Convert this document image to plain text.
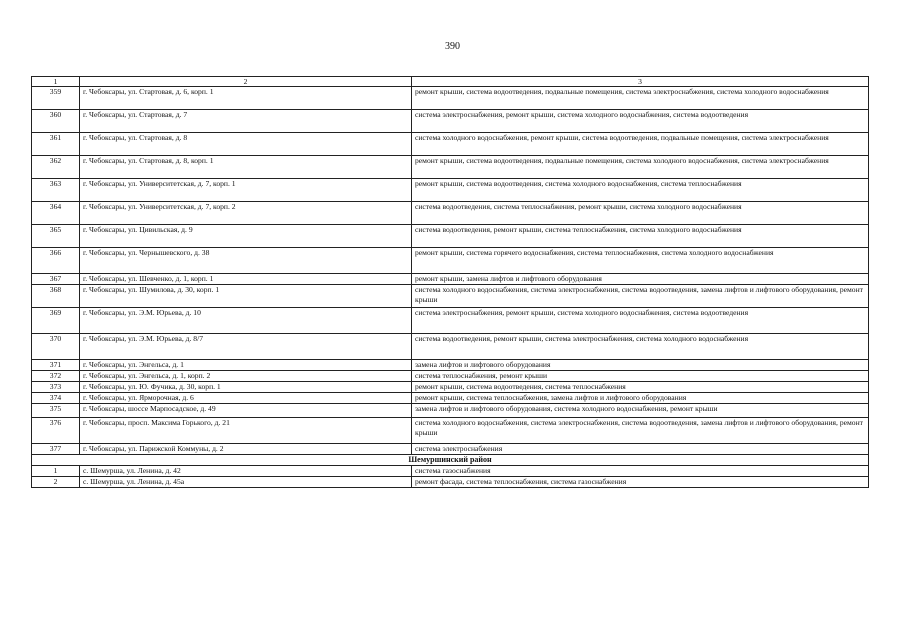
390
1	2	3
359	г. Чебоксары, ул. Стартовая, д. 6, корп. 1	ремонт крыши, система водоотведения, подвальные помещения, система электроснабжения, система холодного водоснабжения
360	г. Чебоксары, ул. Стартовая, д. 7	система электроснабжения, ремонт крыши, система холодного водоснабжения, система водоотведения
361	г. Чебоксары, ул. Стартовая, д. 8	система холодного водоснабжения, ремонт крыши, система водоотведения, подвальные помещения, система электроснабжения
362	г. Чебоксары, ул. Стартовая, д. 8, корп. 1	ремонт крыши, система водоотведения, подвальные помещения, система холодного водоснабжения, система электроснабжения
363	г. Чебоксары, ул. Университетская, д. 7, корп. 1	ремонт крыши, система водоотведения, система холодного водоснабжения, система теплоснабжения
364	г. Чебоксары, ул. Университетская, д. 7, корп. 2	система водоотведения, система теплоснабжения, ремонт крыши, система холодного водоснабжения
365	г. Чебоксары, ул. Цивильская, д. 9	система водоотведения, ремонт крыши, система теплоснабжения, система холодного водоснабжения
366	г. Чебоксары, ул. Чернышевского, д. 38	ремонт крыши, система горячего водоснабжения, система теплоснабжения, система холодного водоснабжения
367	г. Чебоксары, ул. Шевченко, д. 1, корп. 1	ремонт крыши, замена лифтов и лифтового оборудования
368	г. Чебоксары, ул. Шумилова, д. 30, корп. 1	система холодного водоснабжения, система электроснабжения, система водоотведения, замена лифтов и лифтового оборудования, ремонт крыши
369	г. Чебоксары, ул. Э.М. Юрьева, д. 10	система электроснабжения, ремонт крыши, система холодного водоснабжения, система водоотведения
370	г. Чебоксары, ул. Э.М. Юрьева, д. 8/7	система водоотведения, ремонт крыши, система электроснабжения, система холодного водоснабжения
371	г. Чебоксары, ул. Энгельса, д. 1	замена лифтов и лифтового оборудования
372	г. Чебоксары, ул. Энгельса, д. 1, корп. 2	система теплоснабжения, ремонт крыши
373	г. Чебоксары, ул. Ю. Фучика, д. 30, корп. 1	ремонт крыши, система водоотведения, система теплоснабжения
374	г. Чебоксары, ул. Ярморочная, д. 6	ремонт крыши, система теплоснабжения, замена лифтов и лифтового оборудования
375	г. Чебоксары, шоссе Марпосадское, д. 49	замена лифтов и лифтового оборудования, система холодного водоснабжения, ремонт крыши
376	г. Чебоксары, просп. Максима Горького, д. 21	система холодного водоснабжения, система электроснабжения, система водоотведения, замена лифтов и лифтового оборудования, ремонт крыши
377	г. Чебоксары, ул. Парижской Коммуны, д. 2	система электроснабжения
Шемуршинский район		
1	с. Шемурша, ул. Ленина, д. 42	система газоснабжения
2	с. Шемурша, ул. Ленина, д. 45а	ремонт фасада, система теплоснабжения, система газоснабжения
